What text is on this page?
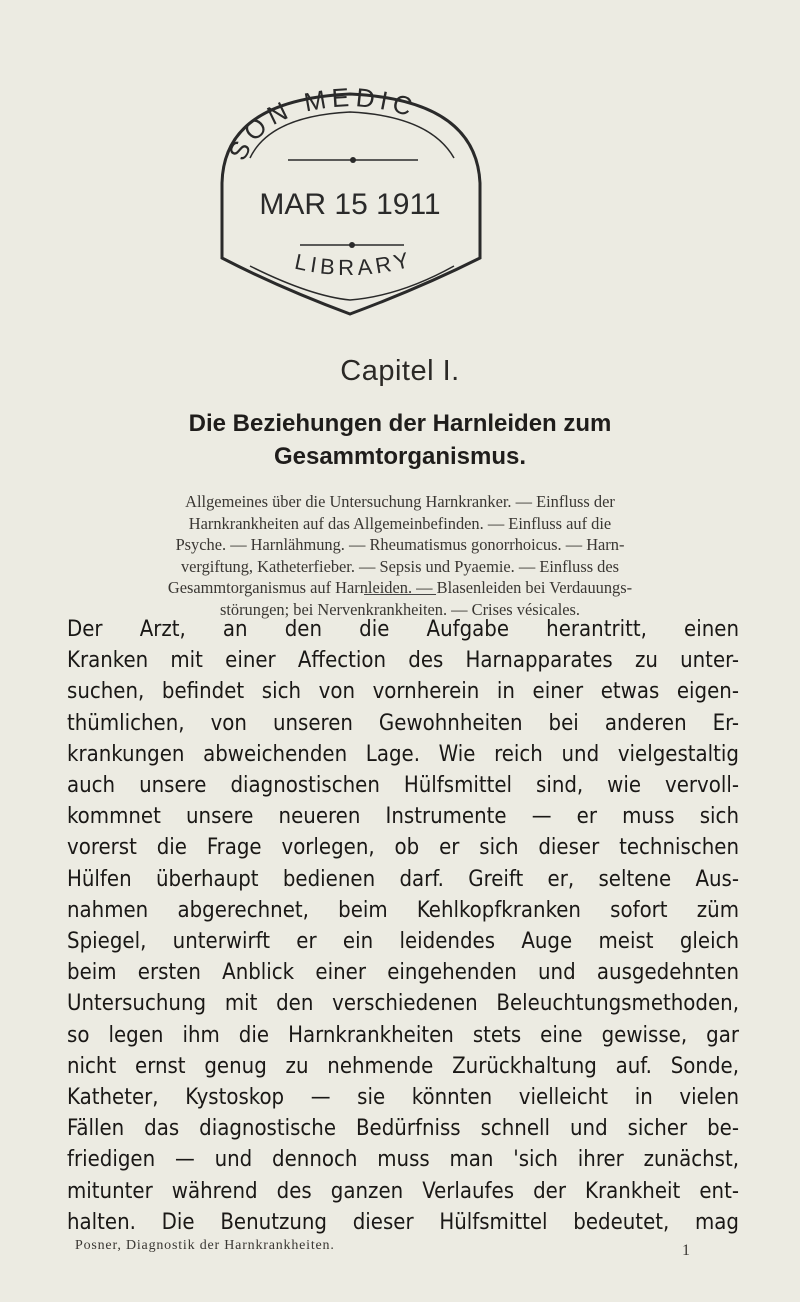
SON MEDIC
MAR 15 1911
LIBRARY
Capitel I.
Die Beziehungen der Harnleiden zum
Gesammtorganismus.
Allgemeines über die Untersuchung Harnkranker. — Einfluss der
Harnkrankheiten auf das Allgemeinbefinden. — Einfluss auf die
Psyche. — Harnlähmung. — Rheumatismus gonorrhoicus. — Harn-
vergiftung, Katheterfieber. — Sepsis und Pyaemie. — Einfluss des
Gesammtorganismus auf Harnleiden. — Blasenleiden bei Verdauungs-
störungen; bei Nervenkrankheiten. — Crises vésicales.
Der Arzt, an den die Aufgabe herantritt, einen
Kranken mit einer Affection des Harnapparates zu unter-
suchen, befindet sich von vornherein in einer etwas eigen-
thümlichen, von unseren Gewohnheiten bei anderen Er-
krankungen abweichenden Lage. Wie reich und vielgestaltig
auch unsere diagnostischen Hülfsmittel sind, wie vervoll-
kommnet unsere neueren Instrumente — er muss sich
vorerst die Frage vorlegen, ob er sich dieser technischen
Hülfen überhaupt bedienen darf. Greift er, seltene Aus-
nahmen abgerechnet, beim Kehlkopfkranken sofort züm
Spiegel, unterwirft er ein leidendes Auge meist gleich
beim ersten Anblick einer eingehenden und ausgedehnten
Untersuchung mit den verschiedenen Beleuchtungsmethoden,
so legen ihm die Harnkrankheiten stets eine gewisse, gar
nicht ernst genug zu nehmende Zurückhaltung auf. Sonde,
Katheter, Kystoskop — sie könnten vielleicht in vielen
Fällen das diagnostische Bedürfniss schnell und sicher be-
friedigen — und dennoch muss man 'sich ihrer zunächst,
mitunter während des ganzen Verlaufes der Krankheit ent-
halten. Die Benutzung dieser Hülfsmittel bedeutet, mag
Posner, Diagnostik der Harnkrankheiten.	1
